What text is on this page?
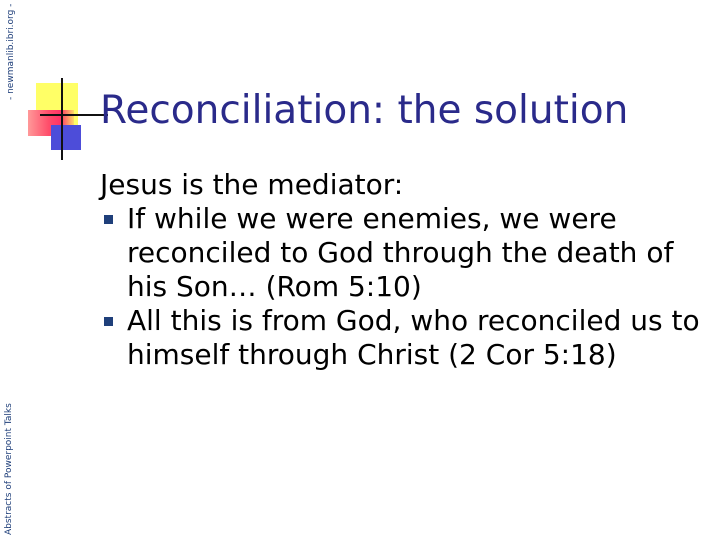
- newmanlib.ibri.org -
Abstracts of Powerpoint Talks
Reconciliation: the solution

Jesus is the mediator:

If while we were enemies, we were reconciled to God through the death of his Son… (Rom 5:10)
All this is from God, who reconciled us to himself through Christ (2 Cor 5:18)
